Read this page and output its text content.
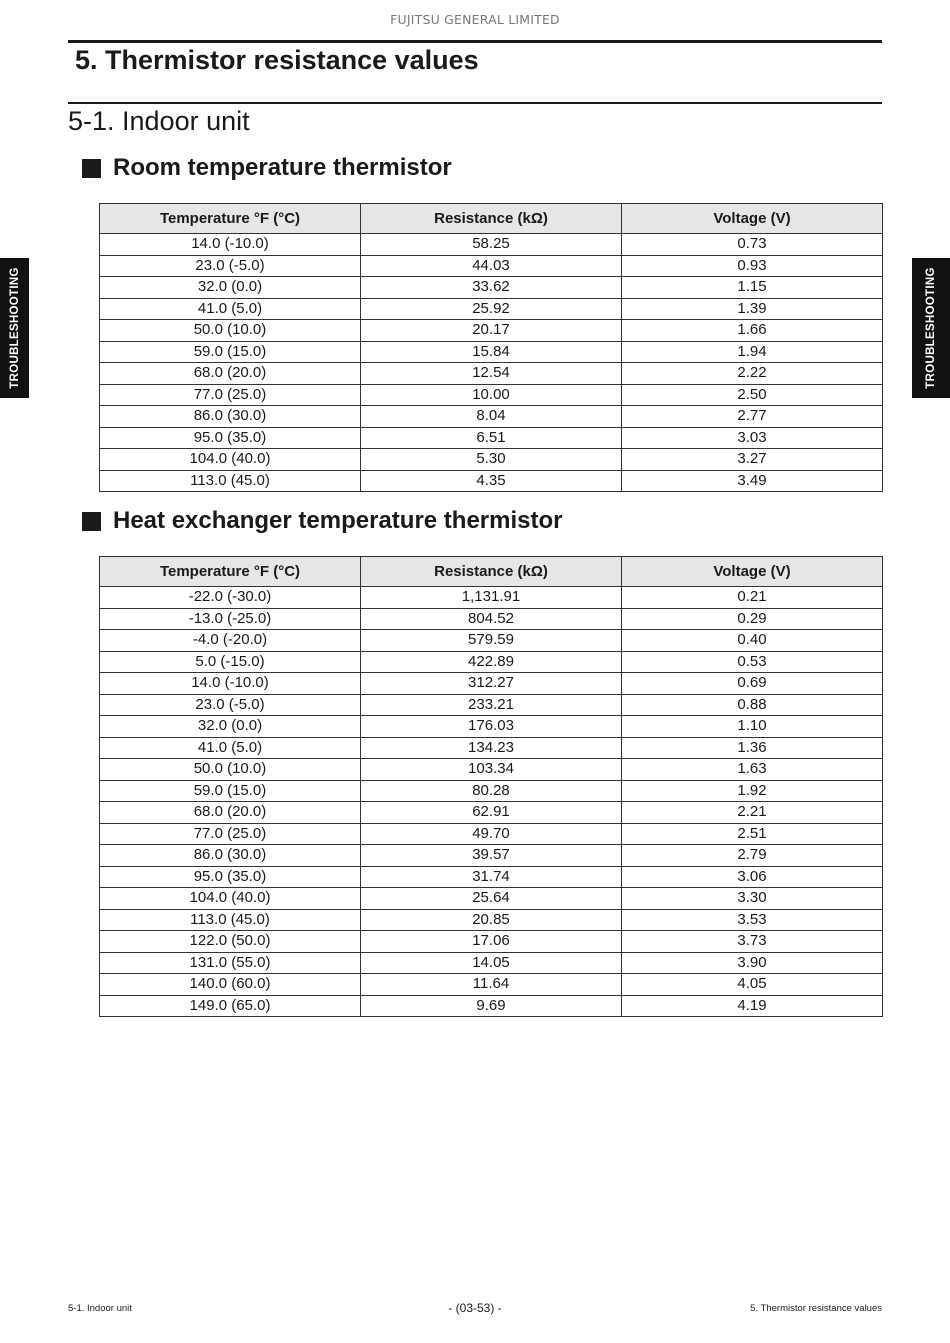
FUJITSU GENERAL LIMITED
5. Thermistor resistance values
5-1. Indoor unit
TROUBLESHOOTING	TROUBLESHOOTING
Room temperature thermistor
Temperature °F (°C)	Resistance (kΩ)	Voltage (V)
14.0 (-10.0)	58.25	0.73
23.0 (-5.0)	44.03	0.93
32.0 (0.0)	33.62	1.15
41.0 (5.0)	25.92	1.39
50.0 (10.0)	20.17	1.66
59.0 (15.0)	15.84	1.94
68.0 (20.0)	12.54	2.22
77.0 (25.0)	10.00	2.50
86.0 (30.0)	8.04	2.77
95.0 (35.0)	6.51	3.03
104.0 (40.0)	5.30	3.27
113.0 (45.0)	4.35	3.49
Heat exchanger temperature thermistor
Temperature °F (°C)	Resistance (kΩ)	Voltage (V)
-22.0 (-30.0)	1,131.91	0.21
-13.0 (-25.0)	804.52	0.29
-4.0 (-20.0)	579.59	0.40
5.0 (-15.0)	422.89	0.53
14.0 (-10.0)	312.27	0.69
23.0 (-5.0)	233.21	0.88
32.0 (0.0)	176.03	1.10
41.0 (5.0)	134.23	1.36
50.0 (10.0)	103.34	1.63
59.0 (15.0)	80.28	1.92
68.0 (20.0)	62.91	2.21
77.0 (25.0)	49.70	2.51
86.0 (30.0)	39.57	2.79
95.0 (35.0)	31.74	3.06
104.0 (40.0)	25.64	3.30
113.0 (45.0)	20.85	3.53
122.0 (50.0)	17.06	3.73
131.0 (55.0)	14.05	3.90
140.0 (60.0)	11.64	4.05
149.0 (65.0)	9.69	4.19
5-1. Indoor unit	- (03-53) -	5. Thermistor resistance values
